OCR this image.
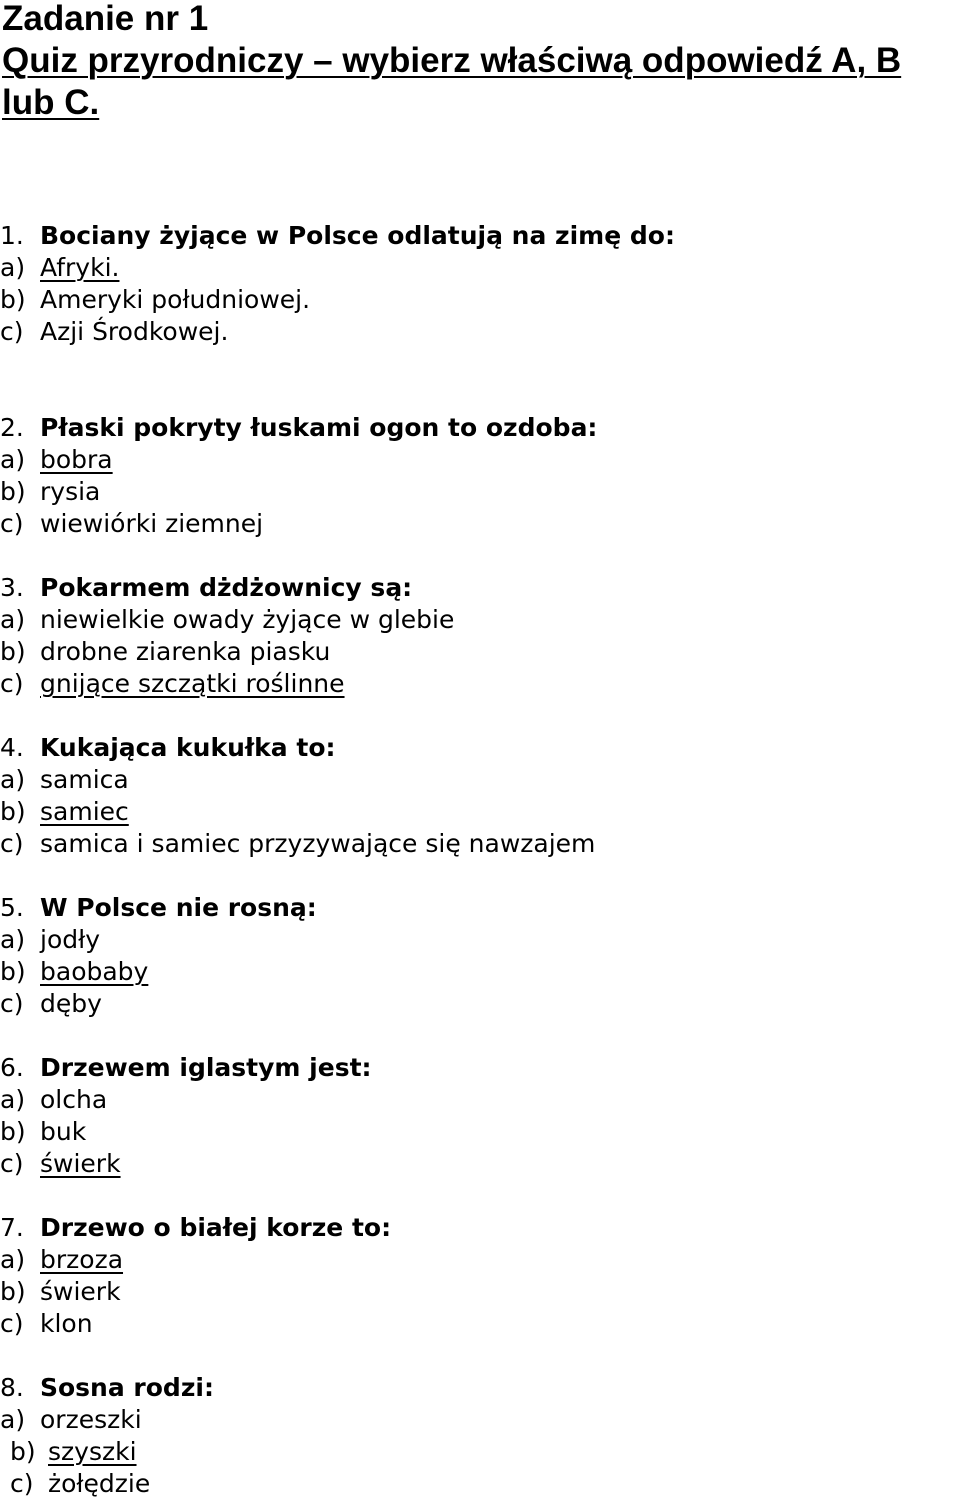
Zadanie nr 1
Quiz przyrodniczy – wybierz właściwą odpowiedź A, B
lub C.
1. Bociany żyjące w Polsce odlatują na zimę do:
a) Afryki.
b) Ameryki południowej.
c) Azji Środkowej.
2. Płaski pokryty łuskami ogon to ozdoba:
a) bobra
b) rysia
c) wiewiórki ziemnej
3. Pokarmem dżdżownicy są:
a) niewielkie owady żyjące w glebie
b) drobne ziarenka piasku
c) gnijące szczątki roślinne
4. Kukająca kukułka to:
a) samica
b) samiec
c) samica i samiec przyzywające się nawzajem
5. W Polsce nie rosną:
a) jodły
b) baobaby
c) dęby
6. Drzewem iglastym jest:
a) olcha
b) buk
c) świerk
7. Drzewo o białej korze to:
a) brzoza
b) świerk
c) klon
8. Sosna rodzi:
a) orzeszki
b) szyszki
c) żołędzie
